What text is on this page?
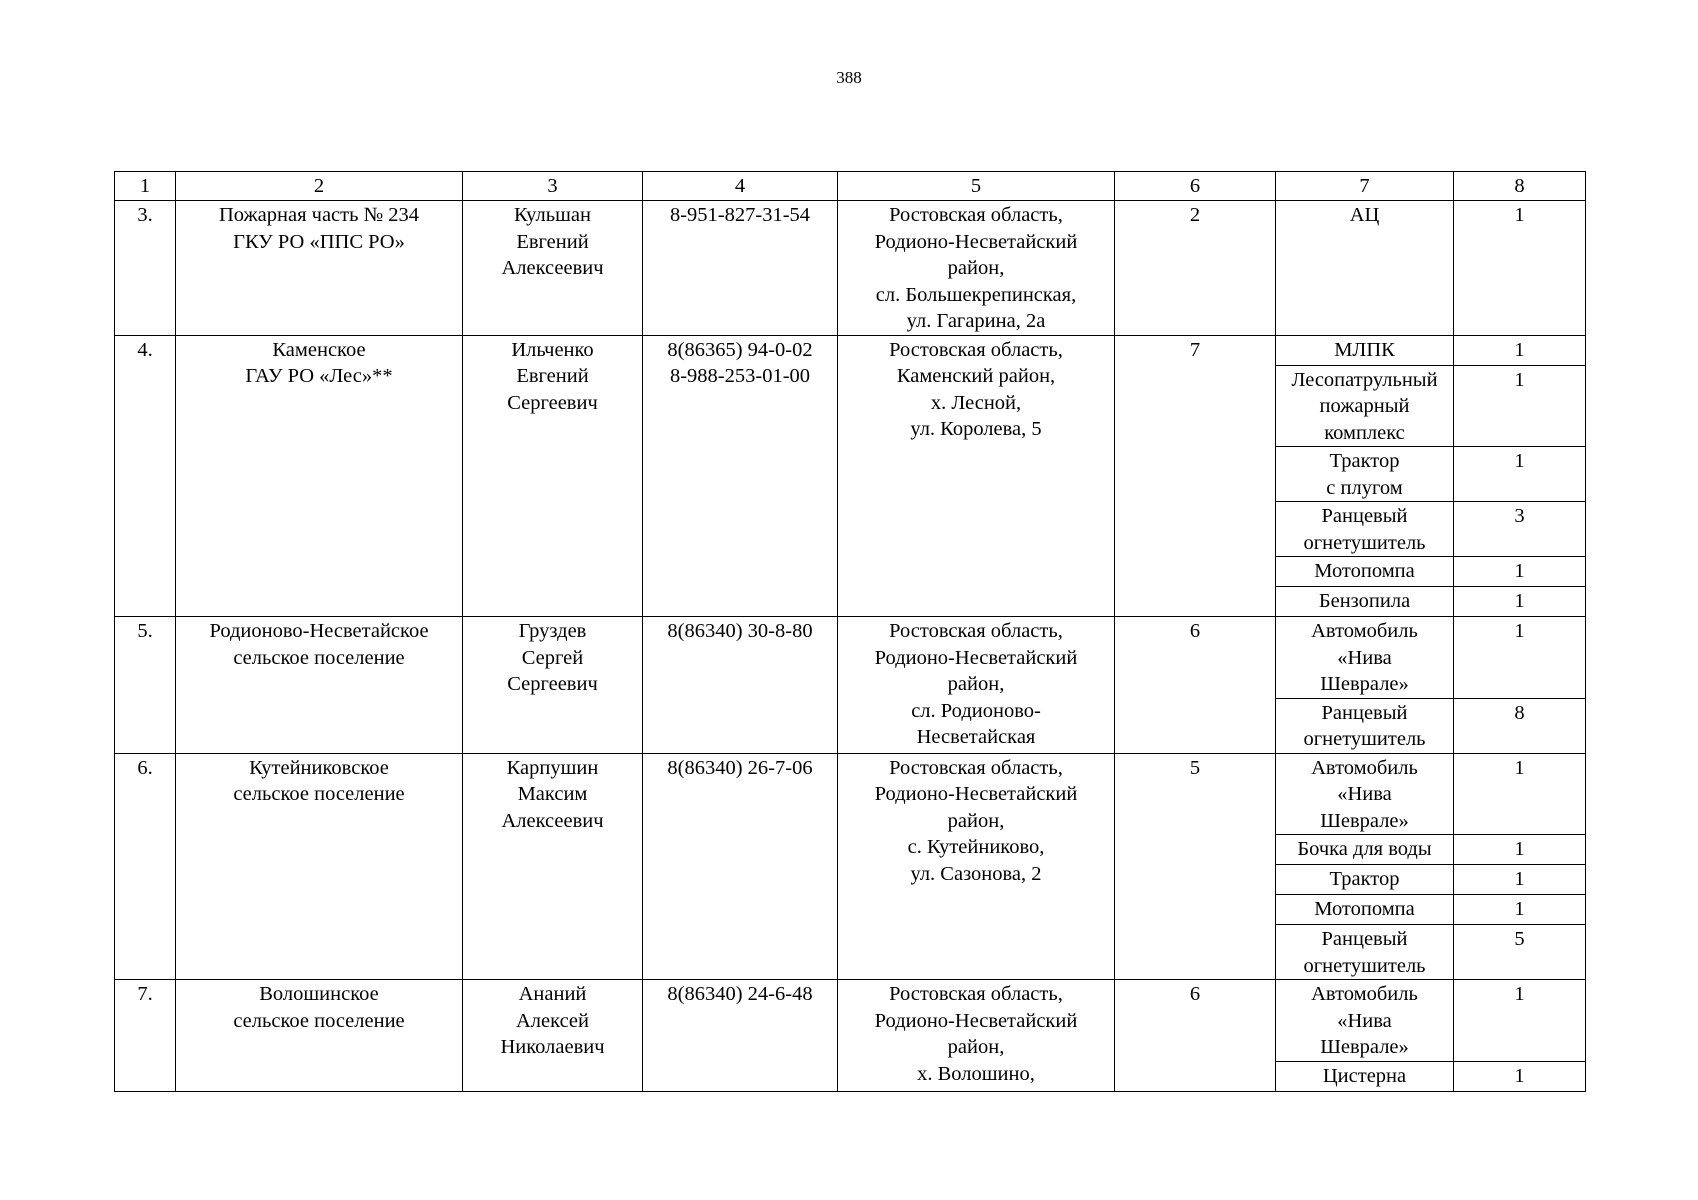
388
1	2	3	4	5	6	7	8
3.	Пожарная часть № 234
ГКУ РО «ППС РО»	Кульшан
Евгений
Алексеевич	8-951-827-31-54	Ростовская область,
Родионо-Несветайский
район,
сл. Большекрепинская,
ул. Гагарина, 2а	2	АЦ	1
4.	Каменское
ГАУ РО «Лес»**	Ильченко
Евгений
Сергеевич	8(86365) 94-0-02
8-988-253-01-00	Ростовская область,
Каменский район,
х. Лесной,
ул. Королева, 5	7	МЛПК	1

						Лесопатрульный
пожарный
комплекс	1

						Трактор
с плугом	1

						Ранцевый
огнетушитель	3

						Мотопомпа	1

						Бензопила	1
5.	Родионово-Несветайское
сельское поселение	Груздев
Сергей
Сергеевич	8(86340) 30-8-80	Ростовская область,
Родионо-Несветайский
район,
сл. Родионово-
Несветайская	6	Автомобиль
«Нива
Шеврале»	1

						Ранцевый
огнетушитель	8
6.	Кутейниковское
сельское поселение	Карпушин
Максим
Алексеевич	8(86340) 26-7-06	Ростовская область,
Родионо-Несветайский
район,
с. Кутейниково,
ул. Сазонова, 2	5	Автомобиль
«Нива
Шеврале»	1

						Бочка для воды	1

						Трактор	1

						Мотопомпа	1

						Ранцевый
огнетушитель	5
7.	Волошинское
сельское поселение	Ананий
Алексей
Николаевич	8(86340) 24-6-48	Ростовская область,
Родионо-Несветайский
район,
х. Волошино,	6	Автомобиль
«Нива
Шеврале»	1

						Цистерна	1
